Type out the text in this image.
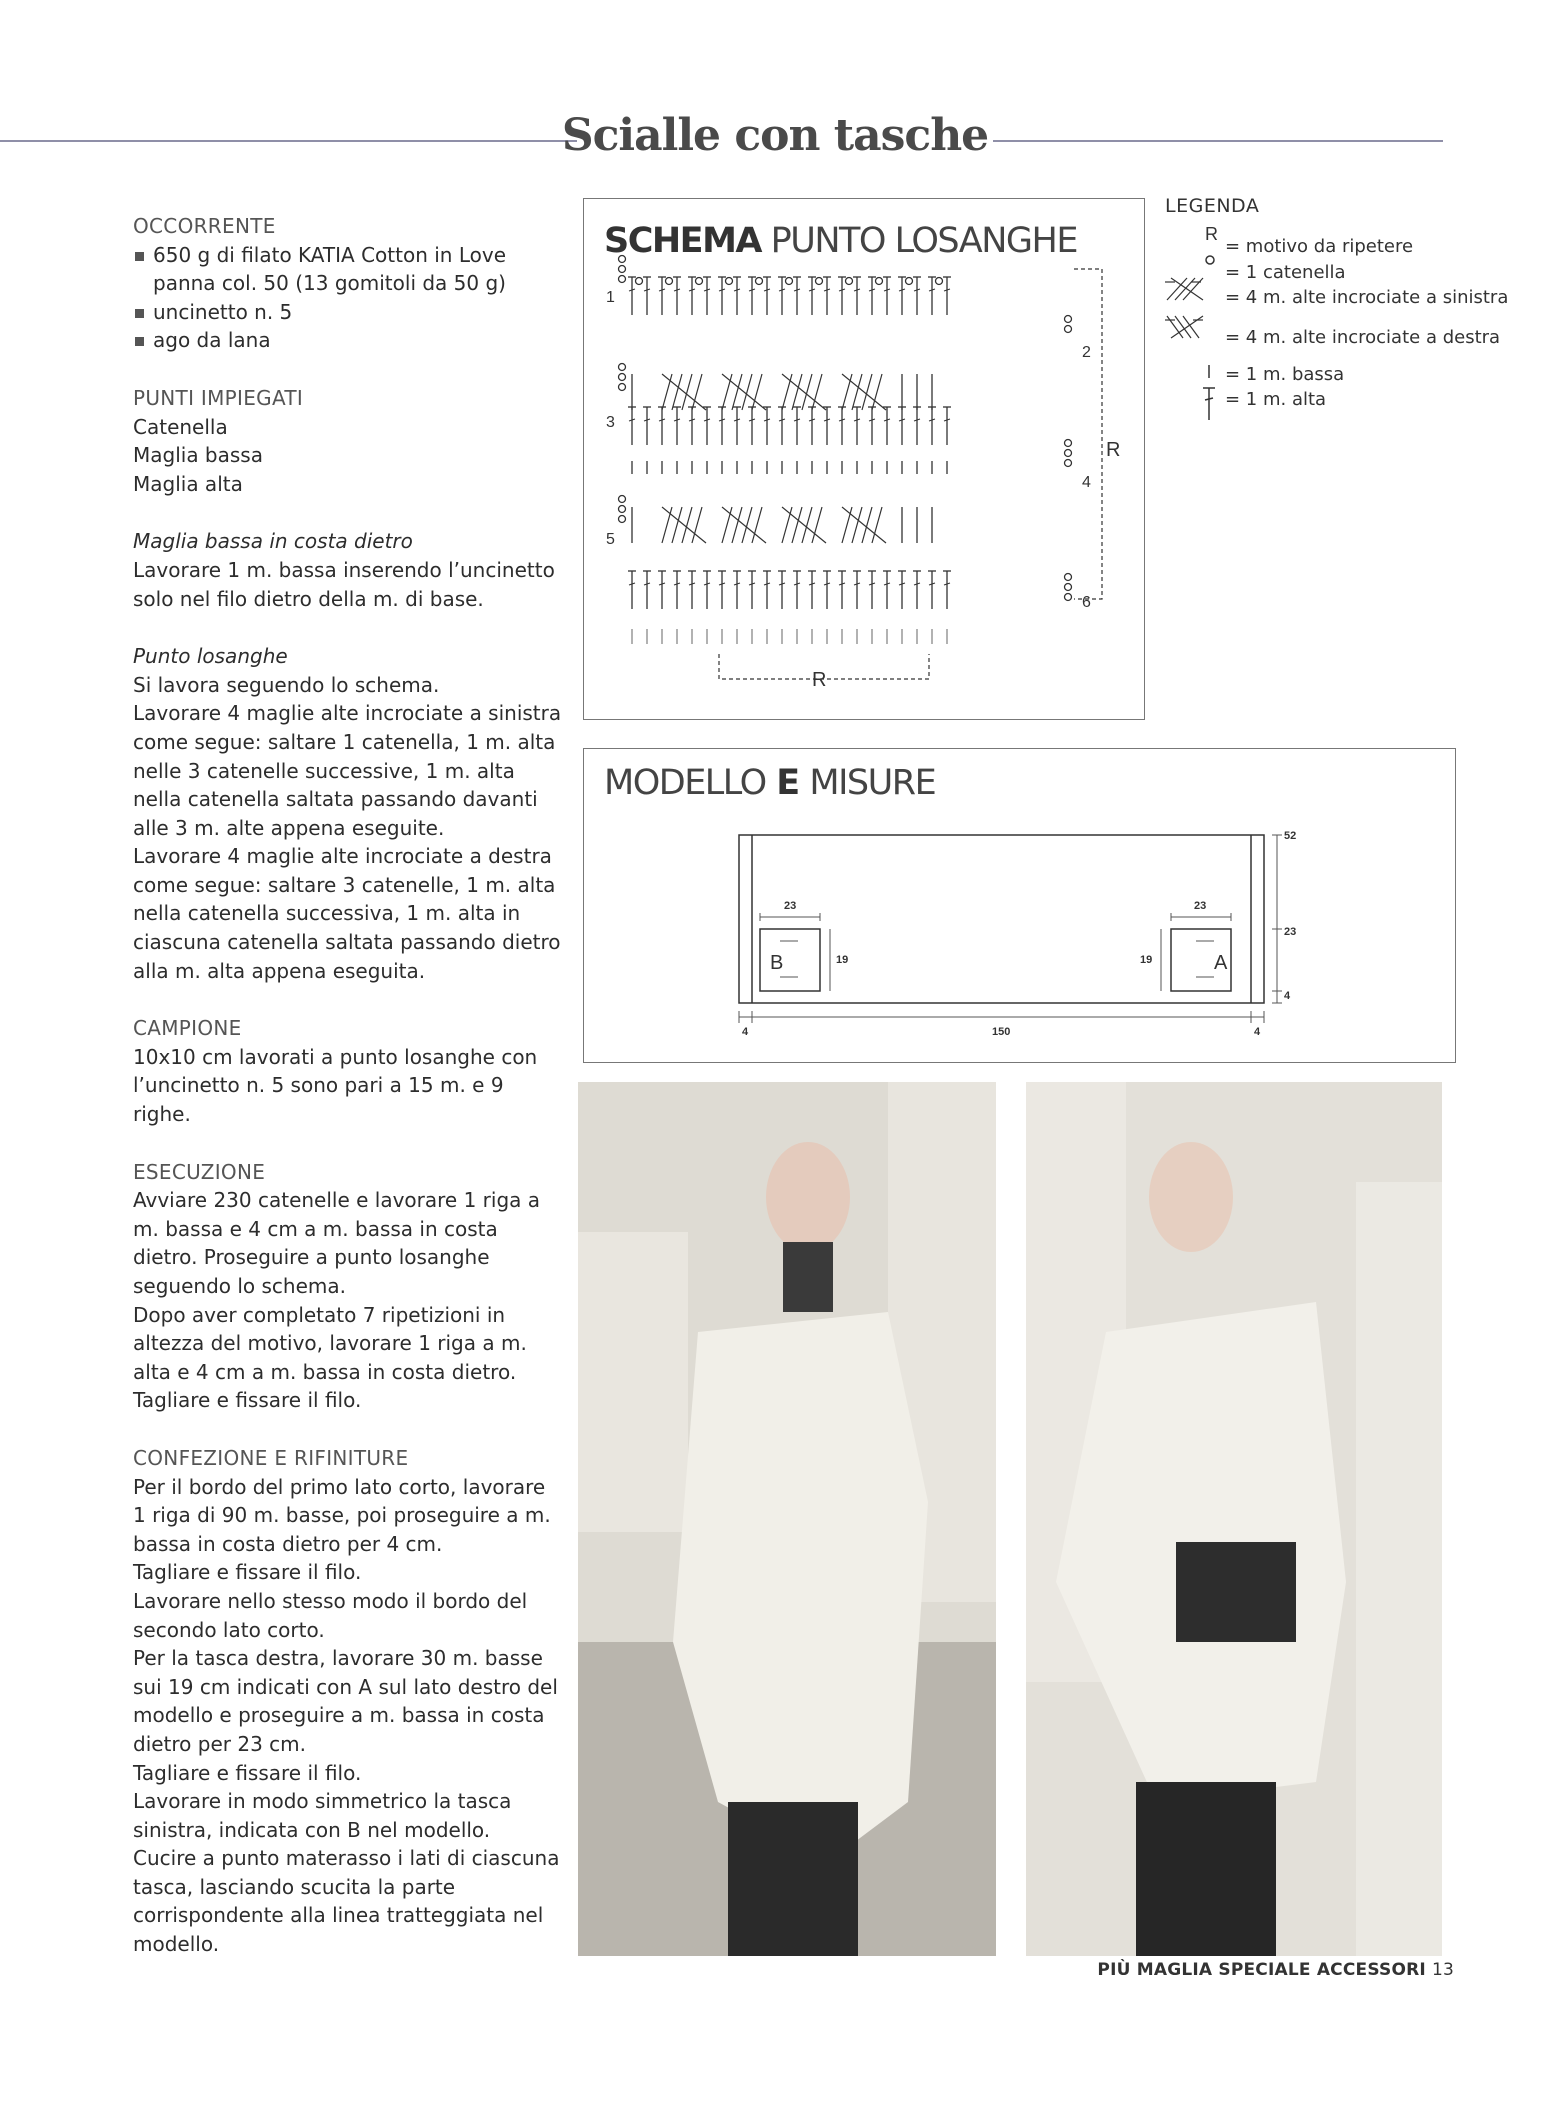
Scialle con tasche
OCCORRENTE
650 g di filato KATIA Cotton in Love panna col. 50 (13 gomitoli da 50 g)
uncinetto n. 5
ago da lana
PUNTI IMPIEGATI
Catenella
Maglia bassa
Maglia alta
Maglia bassa in costa dietro
Lavorare 1 m. bassa inserendo l’uncinetto solo nel filo dietro della m. di base.
Punto losanghe
Si lavora seguendo lo schema.
Lavorare 4 maglie alte incrociate a sinistra come segue: saltare 1 catenella, 1 m. alta nelle 3 catenelle successive, 1 m. alta nella catenella saltata passando davanti alle 3 m. alte appena eseguite.
Lavorare 4 maglie alte incrociate a destra come segue: saltare 3 catenelle, 1 m. alta nella catenella successiva, 1 m. alta in ciascuna catenella saltata passando dietro alla m. alta appena eseguita.
CAMPIONE
10x10 cm lavorati a punto losanghe con l’uncinetto n. 5 sono pari a 15 m. e 9 righe.
ESECUZIONE
Avviare 230 catenelle e lavorare 1 riga a m. bassa e 4 cm a m. bassa in costa dietro. Proseguire a punto losanghe seguendo lo schema.
Dopo aver completato 7 ripetizioni in altezza del motivo, lavorare 1 riga a m. alta e 4 cm a m. bassa in costa dietro. Tagliare e fissare il filo.
CONFEZIONE E RIFINITURE
Per il bordo del primo lato corto, lavorare 1 riga di 90 m. basse, poi proseguire a m. bassa in costa dietro per 4 cm.
Tagliare e fissare il filo.
Lavorare nello stesso modo il bordo del secondo lato corto.
Per la tasca destra, lavorare 30 m. basse sui 19 cm indicati con A sul lato destro del modello e proseguire a m. bassa in costa dietro per 23 cm.
Tagliare e fissare il filo.
Lavorare in modo simmetrico la tasca sinistra, indicata con B nel modello.
Cucire a punto materasso i lati di ciascuna tasca, lasciando scucita la parte corrispondente alla linea tratteggiata nel modello.
SCHEMA PUNTO LOSANGHE
1
2
3
4
5
6
R
R
LEGENDA
R
= motivo da ripetere
= 1 catenella
= 4 m. alte incrociate a sinistra
= 4 m. alte incrociate a destra
= 1 m. bassa
= 1 m. alta
MODELLO E MISURE
B	A
23	23
19	19
4	150	4
52
23
4
PIÙ MAGLIA SPECIALE ACCESSORI 13
